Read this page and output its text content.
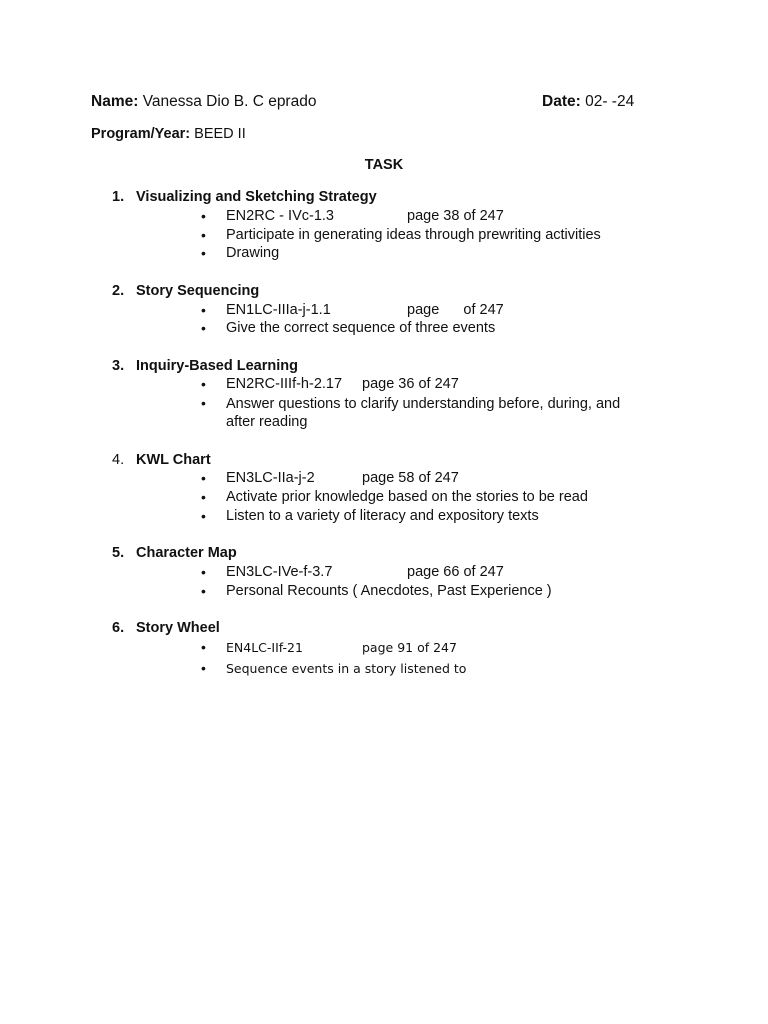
Name: Vanessa Dio B. C eprado	Date: 02- -24
Program/Year: BEED II
TASK
1. Visualizing and Sketching Strategy
• EN2RC - IVc-1.3	page 38 of 247
• Participate in generating ideas through prewriting activities
• Drawing
2. Story Sequencing
• EN1LC-IIIa-j-1.1	page      of 247
• Give the correct sequence of three events
3. Inquiry-Based Learning
• EN2RC-IIIf-h-2.17 page 36 of 247
• Answer questions to clarify understanding before, during, and after reading
4. KWL Chart
• EN3LC-IIa-j-2	page 58 of 247
• Activate prior knowledge based on the stories to be read
• Listen to a variety of literacy and expository texts
5. Character Map
• EN3LC-IVe-f-3.7	page 66 of 247
• Personal Recounts ( Anecdotes, Past Experience )
6. Story Wheel
• EN4LC-IIf-21	page 91 of 247
• Sequence events in a story listened to
